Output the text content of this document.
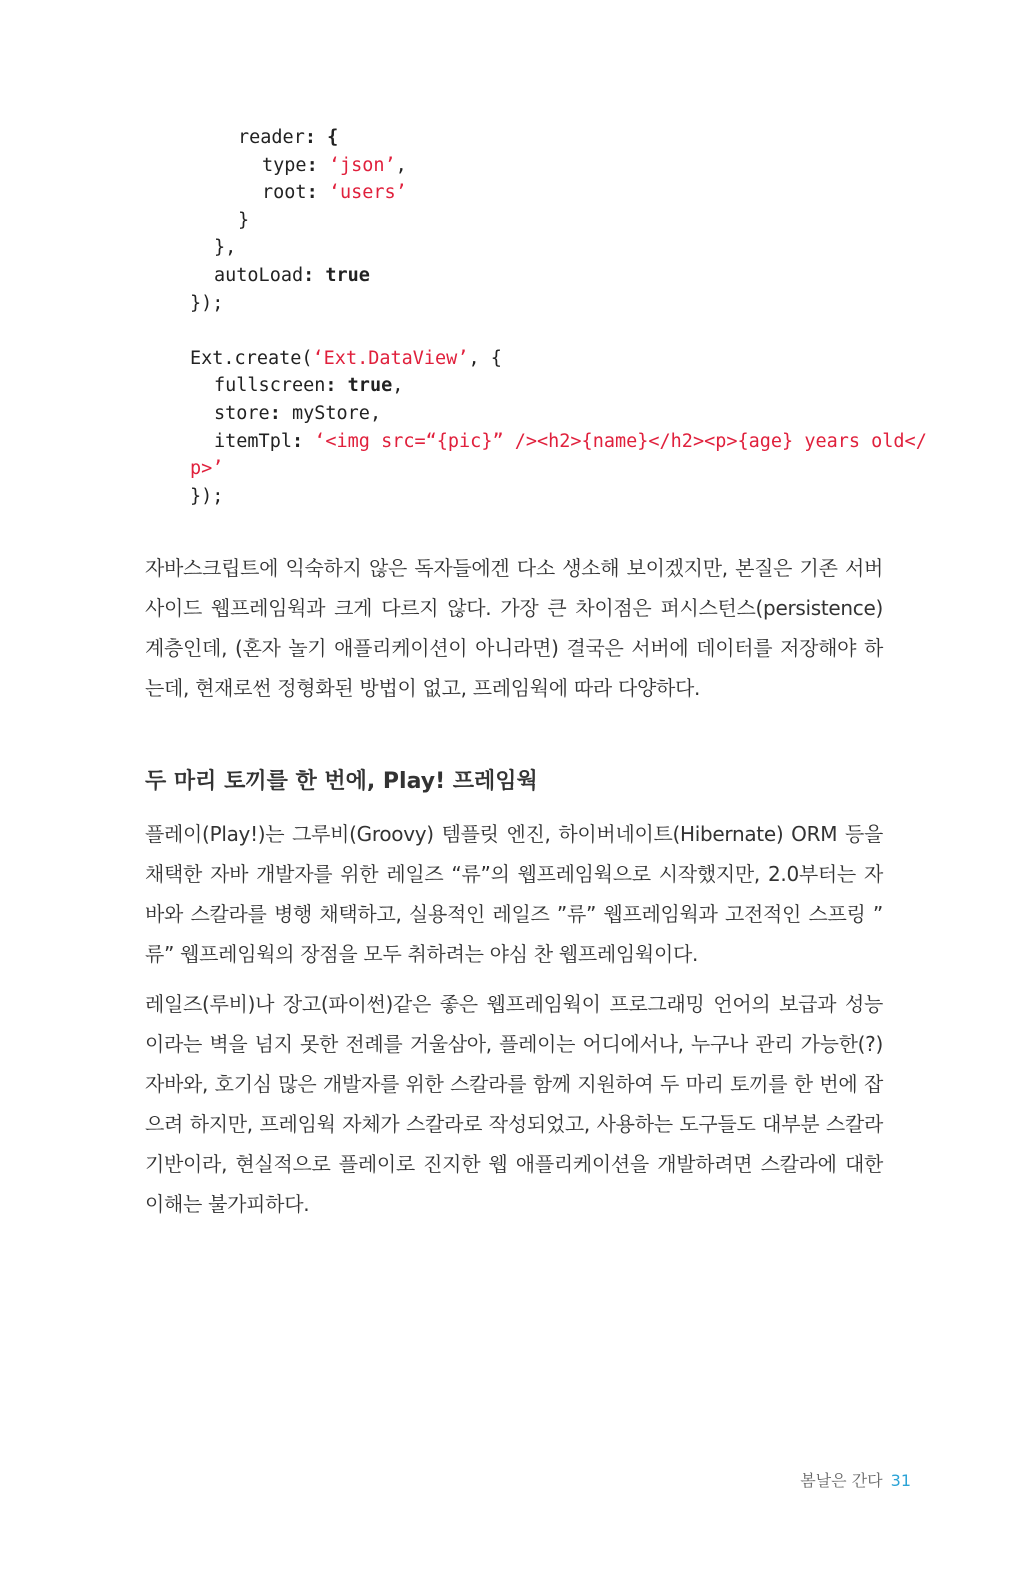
reader: {
type: ‘json’,
root: ‘users’
}
},
autoLoad: true
});
Ext.create(‘Ext.DataView’, {
fullscreen: true,
store: myStore,
itemTpl: ‘<img src=“{pic}” /><h2>{name}</h2><p>{age} years old</
p>’
});

자바스크립트에 익숙하지 않은 독자들에겐 다소 생소해 보이겠지만, 본질은 기존 서버 사이드 웹프레임웍과 크게 다르지 않다. 가장 큰 차이점은 퍼시스턴스(persistence) 계층인데, (혼자 놀기 애플리케이션이 아니라면) 결국은 서버에 데이터를 저장해야 하는데, 현재로썬 정형화된 방법이 없고, 프레임웍에 따라 다양하다.

두 마리 토끼를 한 번에, Play! 프레임웍

플레이(Play!)는 그루비(Groovy) 템플릿 엔진, 하이버네이트(Hibernate) ORM 등을 채택한 자바 개발자를 위한 레일즈 “류”의 웹프레임웍으로 시작했지만, 2.0부터는 자바와 스칼라를 병행 채택하고, 실용적인 레일즈 ”류” 웹프레임웍과 고전적인 스프링 ” 류” 웹프레임웍의 장점을 모두 취하려는 야심 찬 웹프레임웍이다.

레일즈(루비)나 장고(파이썬)같은 좋은 웹프레임웍이 프로그래밍 언어의 보급과 성능이라는 벽을 넘지 못한 전례를 거울삼아, 플레이는 어디에서나, 누구나 관리 가능한(?) 자바와, 호기심 많은 개발자를 위한 스칼라를 함께 지원하여 두 마리 토끼를 한 번에 잡으려 하지만, 프레임웍 자체가 스칼라로 작성되었고, 사용하는 도구들도 대부분 스칼라 기반이라, 현실적으로 플레이로 진지한 웹 애플리케이션을 개발하려면 스칼라에 대한 이해는 불가피하다.

봄날은 간다 31
